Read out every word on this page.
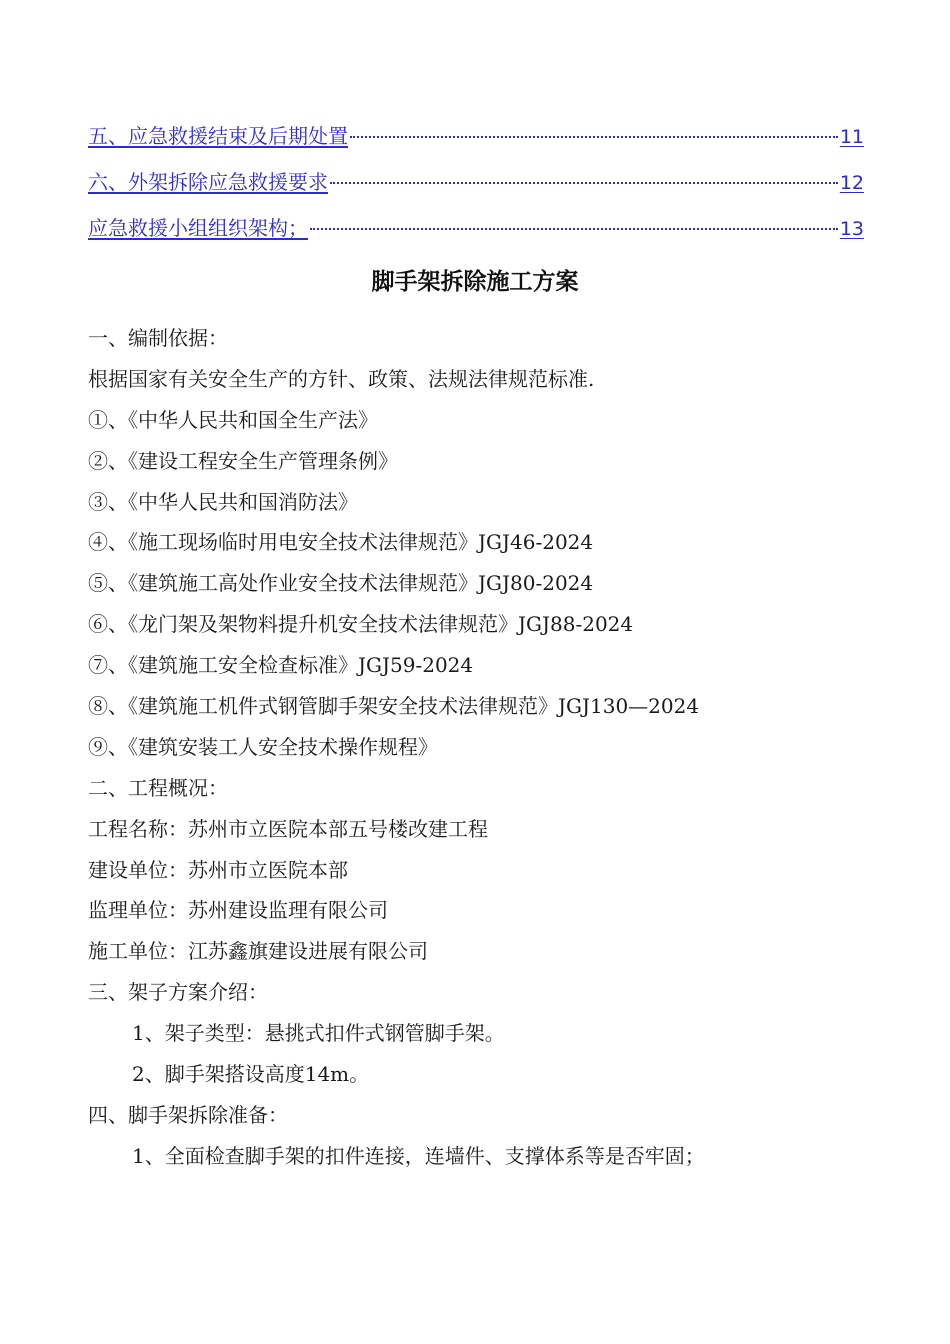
五、应急救援结束及后期处置	11
六、外架拆除应急救援要求	12
应急救援小组组织架构；	13
脚手架拆除施工方案
一、编制依据：
根据国家有关安全生产的方针、政策、法规法律规范标准.
①、《中华人民共和国全生产法》
②、《建设工程安全生产管理条例》
③、《中华人民共和国消防法》
④、《施工现场临时用电安全技术法律规范》JGJ46-2024
⑤、《建筑施工高处作业安全技术法律规范》JGJ80-2024
⑥、《龙门架及架物料提升机安全技术法律规范》JGJ88-2024
⑦、《建筑施工安全检查标准》JGJ59-2024
⑧、《建筑施工机件式钢管脚手架安全技术法律规范》JGJ130—2024
⑨、《建筑安装工人安全技术操作规程》
二、工程概况：
工程名称：苏州市立医院本部五号楼改建工程
建设单位：苏州市立医院本部
监理单位：苏州建设监理有限公司
施工单位：江苏鑫旗建设进展有限公司
三、架子方案介绍：
1、架子类型：悬挑式扣件式钢管脚手架。
2、脚手架搭设高度14m。
四、脚手架拆除准备：
1、全面检查脚手架的扣件连接，连墙件、支撑体系等是否牢固；
